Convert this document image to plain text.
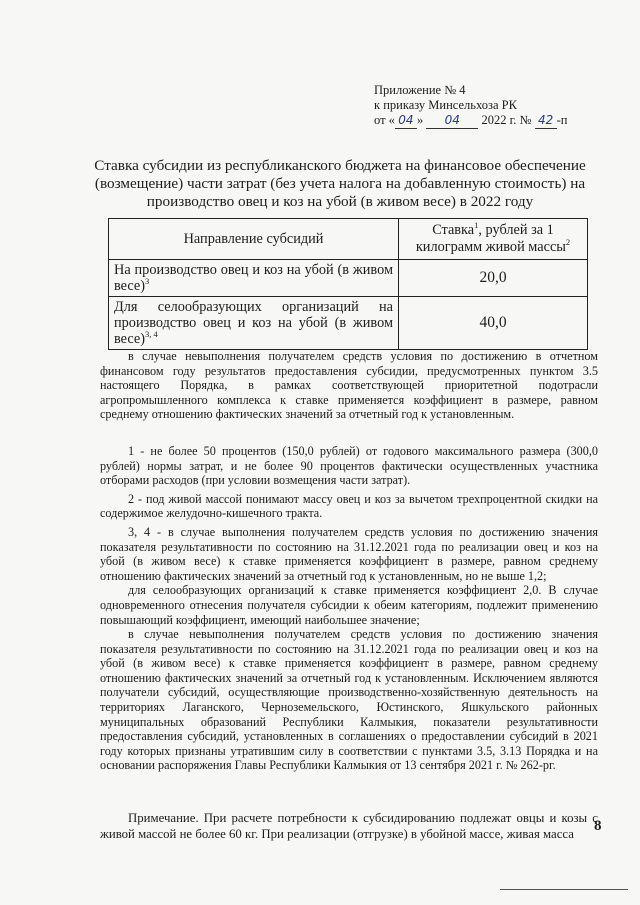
Приложение № 4
к приказу Минсельхоза РК
от « 04 » 04 2022 г. № 42 -п
Ставка субсидии из республиканского бюджета на финансовое обеспечение (возмещение) части затрат (без учета налога на добавленную стоимость) на производство овец и коз на убой (в живом весе) в 2022 году
Направление субсидий	Ставка$^1$, рублей за 1 килограмм живой массы$^2$
На производство овец и коз на убой (в живом весе)$^3$	20,0
Для селообразующих организаций на производство овец и коз на убой (в живом весе)$^{3, 4}$	40,0

в случае невыполнения получателем средств условия по достижению в отчетном финансовом году результатов предоставления субсидии, предусмотренных пунктом 3.5 настоящего Порядка, в рамках соответствующей приоритетной подотрасли агропромышленного комплекса к ставке применяется коэффициент в размере, равном среднему отношению фактических значений за отчетный год к установленным.

1 - не более 50 процентов (150,0 рублей) от годового максимального размера (300,0 рублей) нормы затрат, и не более 90 процентов фактически осуществленных участника отборами расходов (при условии возмещения части затрат).

2 - под живой массой понимают массу овец и коз за вычетом трехпроцентной скидки на содержимое желудочно-кишечного тракта.

3, 4 - в случае выполнения получателем средств условия по достижению значения показателя результативности по состоянию на 31.12.2021 года по реализации овец и коз на убой (в живом весе) к ставке применяется коэффициент в размере, равном среднему отношению фактических значений за отчетный год к установленным, но не выше 1,2;

для селообразующих организаций к ставке применяется коэффициент 2,0. В случае одновременного отнесения получателя субсидии к обеим категориям, подлежит применению повышающий коэффициент, имеющий наибольшее значение;

в случае невыполнения получателем средств условия по достижению значения показателя результативности по состоянию на 31.12.2021 года по реализации овец и коз на убой (в живом весе) к ставке применяется коэффициент в размере, равном среднему отношению фактических значений за отчетный год к установленным. Исключением являются получатели субсидий, осуществляющие производственно-хозяйственную деятельность на территориях Лаганского, Черноземельского, Юстинского, Яшкульского районных муниципальных образований Республики Калмыкия, показатели результативности предоставления субсидий, установленных в соглашениях о предоставлении субсидий в 2021 году которых признаны утратившим силу в соответствии с пунктами 3.5, 3.13 Порядка и на основании распоряжения Главы Республики Калмыкия от 13 сентября 2021 г. № 262-рг.

Примечание. При расчете потребности к субсидированию подлежат овцы и козы с живой массой не более 60 кг. При реализации (отгрузке) в убойной массе, живая масса	8
